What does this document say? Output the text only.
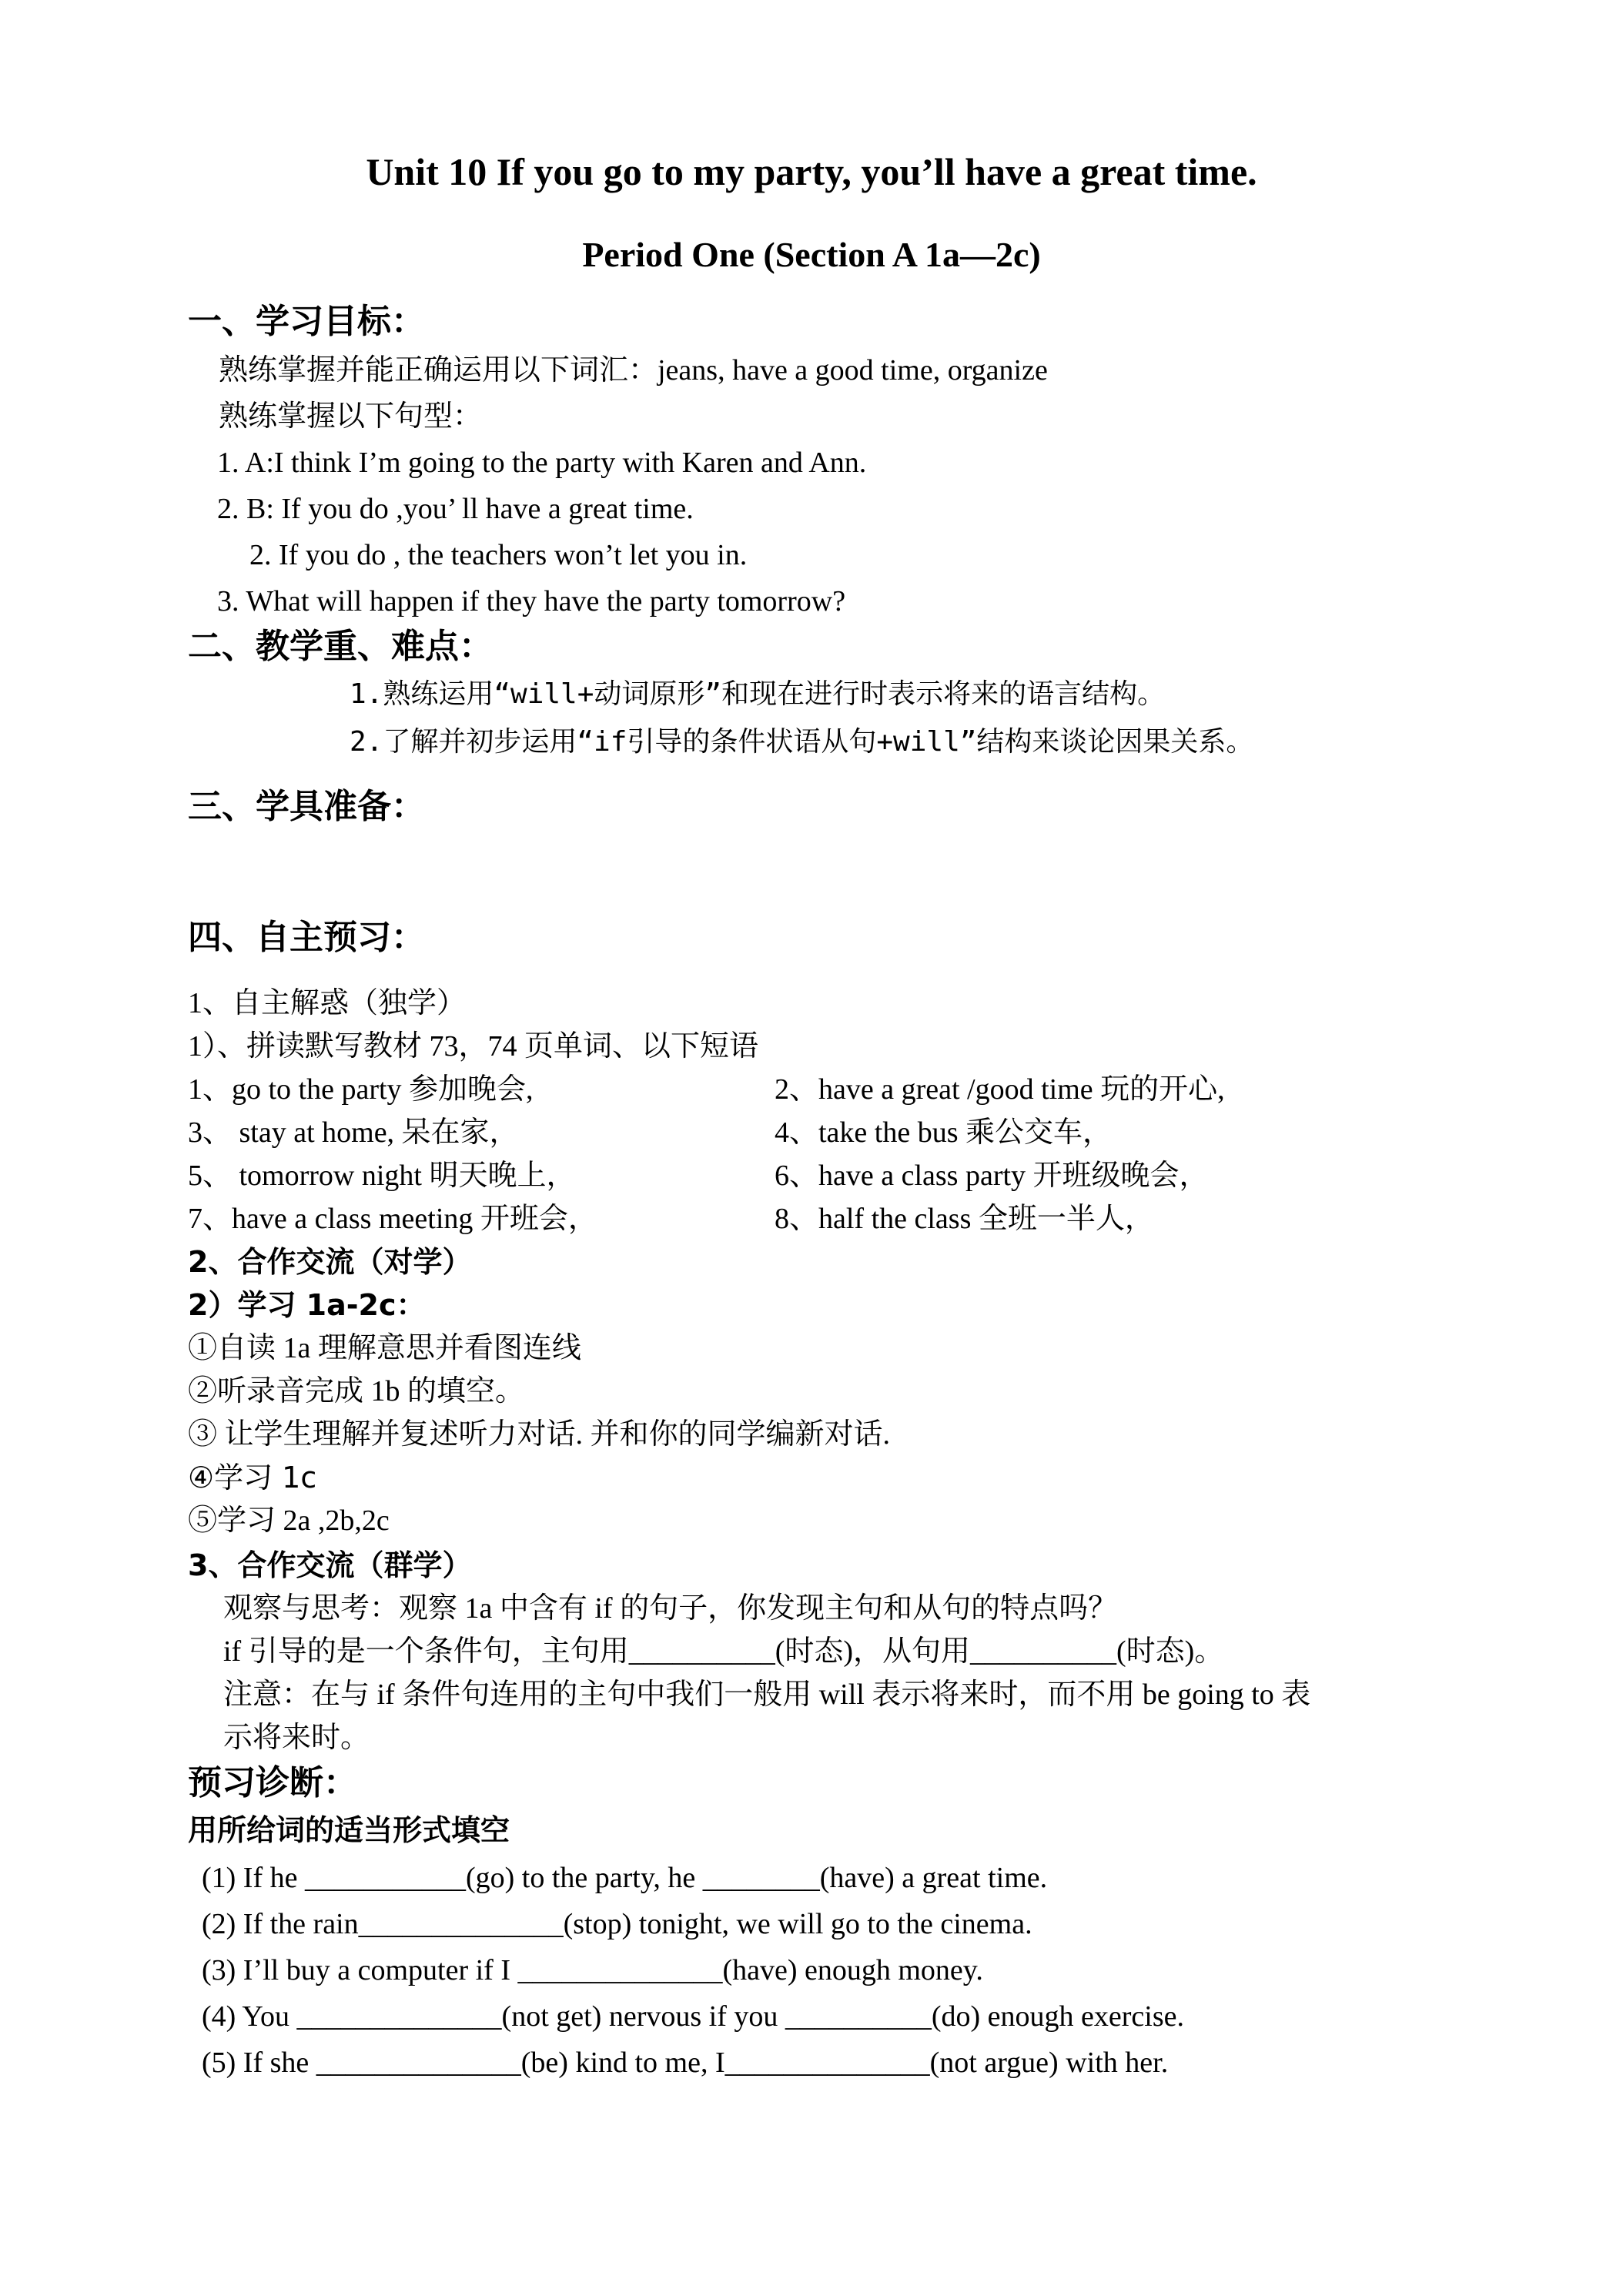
Unit 10 If you go to my party, you’ll have a great time.
Period One (Section A 1a—2c)
一、学习目标：
熟练掌握并能正确运用以下词汇：jeans, have a good time, organize
熟练掌握以下句型：
1. A:I think I’m going to the party with Karen and Ann.
2. B: If you do ,you’ ll have a great time.
2. If you do , the teachers won’t let you in.
3. What will happen if they have the party tomorrow?
二、教学重、难点：
1.熟练运用“will+动词原形”和现在进行时表示将来的语言结构。
2.了解并初步运用“if引导的条件状语从句+will”结构来谈论因果关系。
三、学具准备：
四、自主预习：
1、自主解惑（独学）
1）、拼读默写教材 73，74 页单词、以下短语
1、go to the party 参加晚会,	2、have a great /good time 玩的开心,
3、 stay at home, 呆在家，	4、take the bus 乘公交车，
5、 tomorrow night 明天晚上，	6、have a class party 开班级晚会，
7、have a class meeting 开班会，	8、half the class 全班一半人，
2、合作交流（对学）
2）学习 1a-2c：
①自读 1a 理解意思并看图连线
②听录音完成 1b 的填空。
③ 让学生理解并复述听力对话. 并和你的同学编新对话.
④学习 1c
⑤学习 2a ,2b,2c
3、合作交流（群学）
观察与思考：观察 1a 中含有 if 的句子，你发现主句和从句的特点吗？
if 引导的是一个条件句，主句用__________(时态)，从句用__________(时态)。
注意：在与 if 条件句连用的主句中我们一般用 will 表示将来时，而不用 be going to 表
示将来时。
预习诊断：
用所给词的适当形式填空
(1) If he ___________(go) to the party, he ________(have) a great time.
(2) If the rain______________(stop) tonight, we will go to the cinema.
(3) I’ll buy a computer if I ______________(have) enough money.
(4) You ______________(not get) nervous if you __________(do) enough exercise.
(5) If she ______________(be) kind to me, I______________(not argue) with her.
